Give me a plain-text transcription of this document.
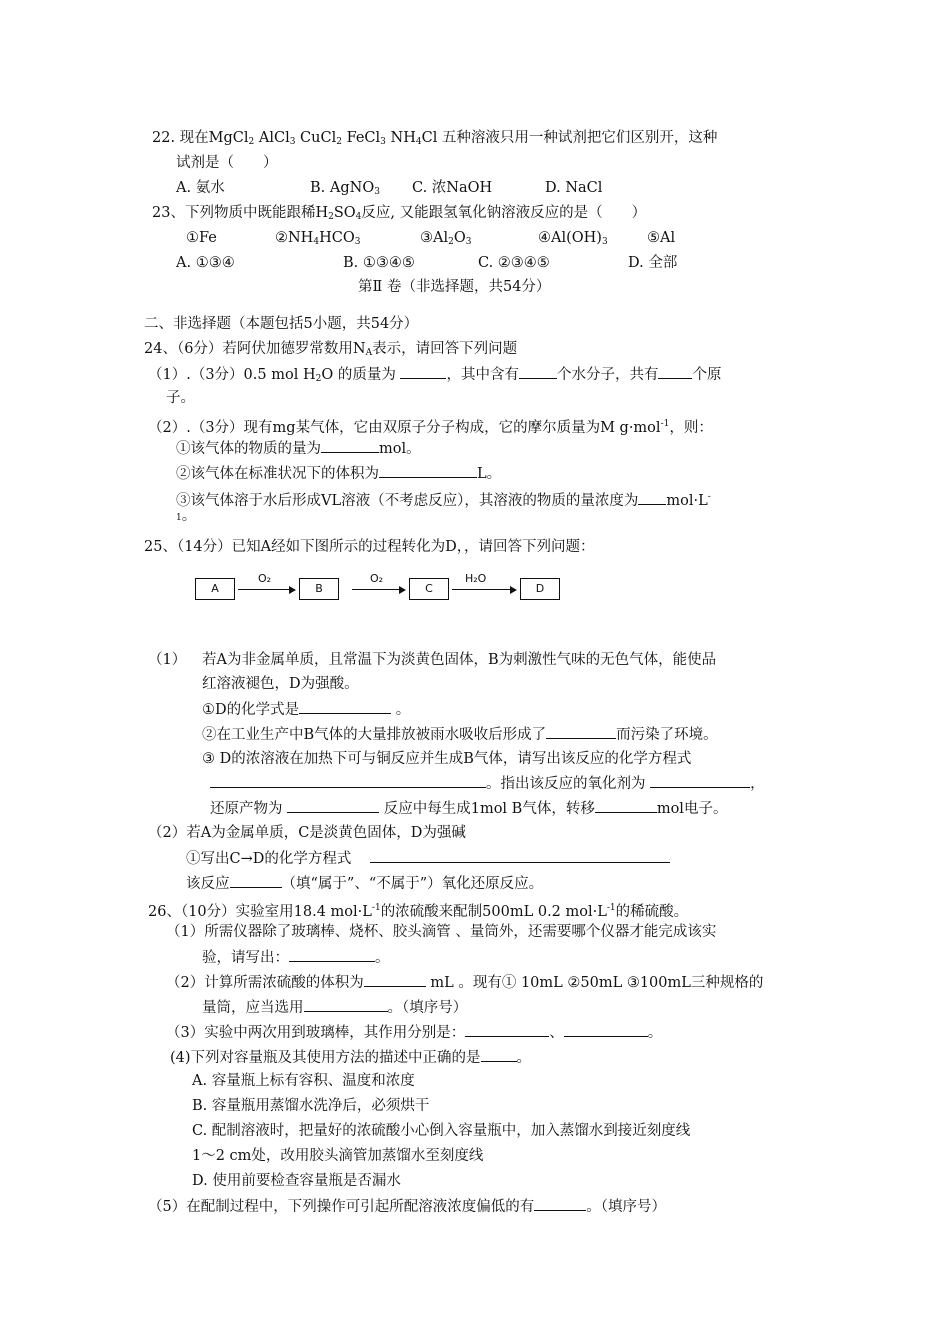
22. 现在MgCl$_2$ AlCl$_3$ CuCl$_2$ FeCl$_3$ $NH_4Cl$ 五种溶液只用一种试剂把它们区别开，这种
试剂是（　　）
A. 氨水	B. AgNO$_3$ C. 浓NaOH	D. NaCl
23、下列物质中既能跟稀$H_2SO_4$反应, 又能跟氢氧化钠溶液反应的是（　　）
①Fe	$②NH_4HCO_3$	$③Al_2O_3$	$④Al(OH)_3$	⑤Al
A. ①③④	B. ①③④⑤	C. ②③④⑤	D. 全部
第Ⅱ 卷（非选择题，共54分）
二、非选择题（本题包括5小题，共54分）
24、（6分）若阿伏加德罗常数用$N_A$表示，请回答下列问题
（1）.（3分）0.5 mol $H_2O$ 的质量为	，其中含有	个水分子，共有 个原
子。
（2）.（3分）现有mg某气体，它由双原子分子构成，它的摩尔质量为M g·mol$^{-1}$，则：
①该气体的物质的量为	mol。
②该气体在标准状况下的体积为	L。
③该气体溶于水后形成VL溶液（不考虑反应），其溶液的物质的量浓度为 mol·L-
1。
25、（14分）已知A经如下图所示的过程转化为D，，请回答下列问题：
A
O₂
B
O₂
C
H₂O
D
（1） 若A为非金属单质，且常温下为淡黄色固体，B为刺激性气味的无色气体，能使品
红溶液褪色，D为强酸。
①D的化学式是	。
②在工业生产中B气体的大量排放被雨水吸收后形成了	而污染了环境。
③ D的浓溶液在加热下可与铜反应并生成B气体，请写出该反应的化学方程式
。指出该反应的氧化剂为	，
还原产物为	反应中每生成1mol B气体，转移	mol电子。
（2）若A为金属单质，C是淡黄色固体，D为强碱
①写出C→D的化学方程式　
该反应	（填“属于”、“不属于”）氧化还原反应。
26、（10分）实验室用18.4 $mol\cdot L^{-1}$的浓硫酸来配制500mL 0.2 $mol\cdot L^{-1}$的稀硫酸。
（1）所需仪器除了玻璃棒、烧杯、胶头滴管 、量筒外，还需要哪个仪器才能完成该实
验，请写出：	。
（2）计算所需浓硫酸的体积为	mL 。现有① 10mL ②50mL ③100mL三种规格的
量筒，应当选用	。（填序号）
（3）实验中两次用到玻璃棒，其作用分别是：	、	。
(4)下列对容量瓶及其使用方法的描述中正确的是 。
A. 容量瓶上标有容积、温度和浓度
B. 容量瓶用蒸馏水洗净后，必须烘干
C. 配制溶液时，把量好的浓硫酸小心倒入容量瓶中，加入蒸馏水到接近刻度线
1～2 cm处，改用胶头滴管加蒸馏水至刻度线
D. 使用前要检查容量瓶是否漏水
（5）在配制过程中，下列操作可引起所配溶液浓度偏低的有	。（填序号）
